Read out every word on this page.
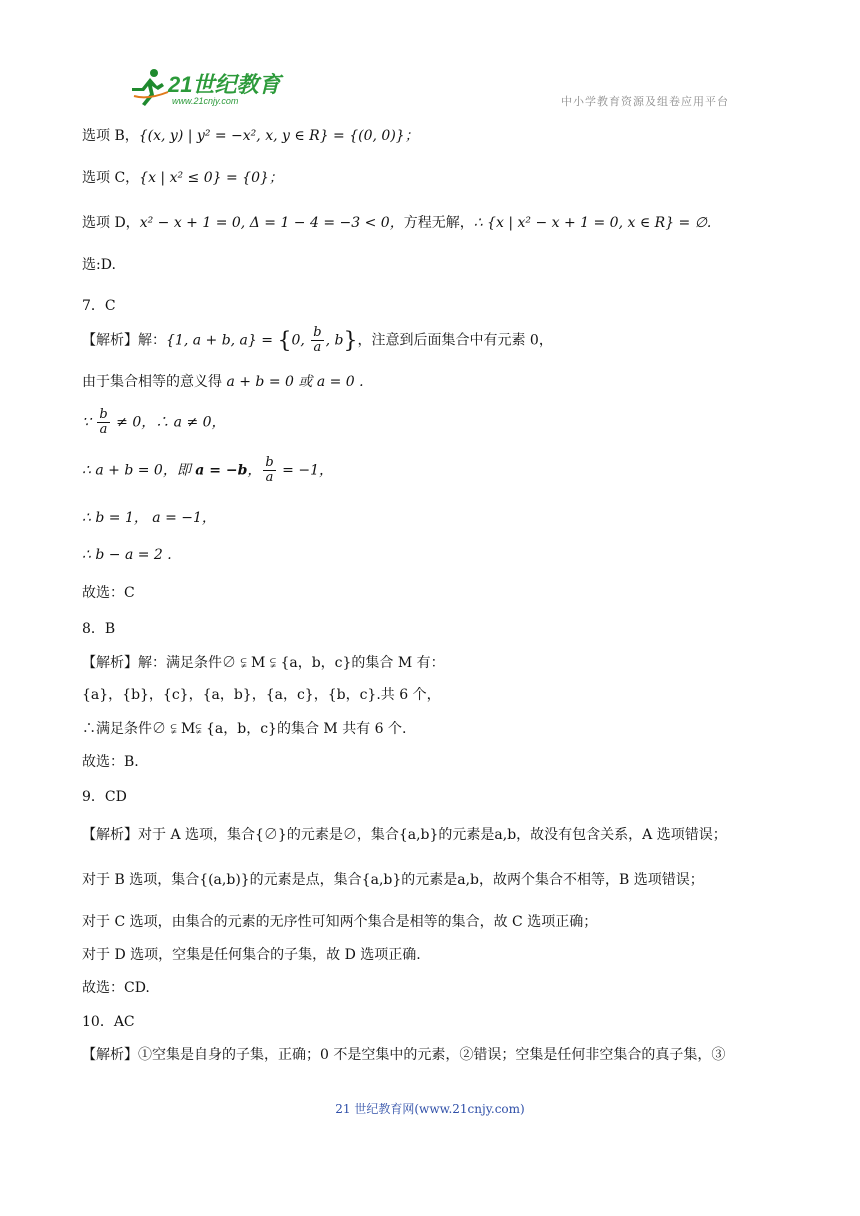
21世纪教育
www.21cnjy.com	中小学教育资源及组卷应用平台
选项 B，{(x, y) | y² = −x², x, y ∈ R} = {(0, 0)}；
选项 C，{x | x² ≤ 0} = {0}；
选项 D，x² − x + 1 = 0, Δ = 1 − 4 = −3 < 0，方程无解，∴ {x | x² − x + 1 = 0, x ∈ R} = ∅.
选:D.
7．C
【解析】解：{1, a + b, a} = {0, $\frac{b}{a}$ , b}，注意到后面集合中有元素 0，
由于集合相等的意义得 a + b = 0 或 a = 0 .
∵ $\frac{b}{a} \ne 0$，∴ a ≠ 0，
∴ a + b = 0，即 a = −b， $\frac{b}{a} = -1$，
∴ b = 1， a = −1，
∴ b − a = 2 .
故选：C
8．B
【解析】解：满足条件∅ ⫋ M ⫋ {a，b，c}的集合 M 有：
{a}，{b}，{c}，{a，b}，{a，c}，{b，c}.共 6 个，
∴满足条件∅ ⫋ M⫋ {a，b，c}的集合 M 共有 6 个.
故选：B.
9．CD
【解析】对于 A 选项，集合{∅}的元素是∅，集合{a,b}的元素是a,b，故没有包含关系，A 选项错误；
对于 B 选项，集合{(a,b)}的元素是点，集合{a,b}的元素是a,b，故两个集合不相等，B 选项错误；
对于 C 选项，由集合的元素的无序性可知两个集合是相等的集合，故 C 选项正确；
对于 D 选项，空集是任何集合的子集，故 D 选项正确.
故选：CD.
10．AC
【解析】①空集是自身的子集，正确；0 不是空集中的元素，②错误；空集是任何非空集合的真子集，③
21 世纪教育网(www.21cnjy.com)
